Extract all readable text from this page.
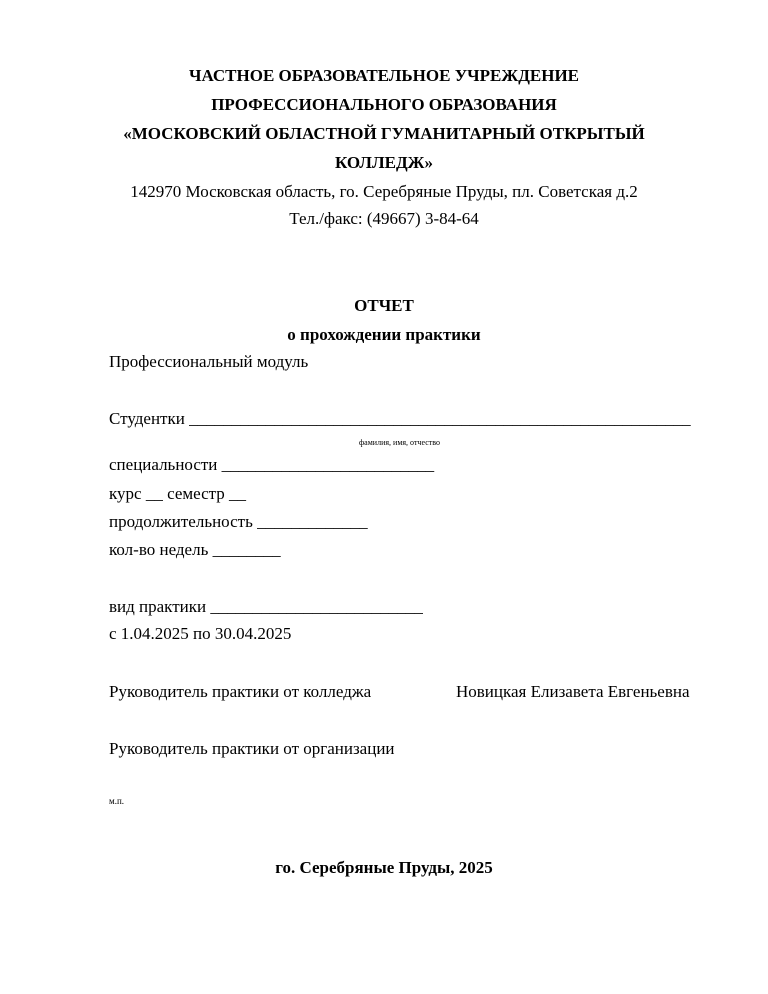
ЧАСТНОЕ ОБРАЗОВАТЕЛЬНОЕ УЧРЕЖДЕНИЕ
ПРОФЕССИОНАЛЬНОГО ОБРАЗОВАНИЯ
«МОСКОВСКИЙ ОБЛАСТНОЙ ГУМАНИТАРНЫЙ ОТКРЫТЫЙ
КОЛЛЕДЖ»
142970 Московская область, го. Серебряные Пруды, пл. Советская д.2
Тел./факс: (49667) 3-84-64
ОТЧЕТ
о прохождении практики
Профессиональный модуль
Студентки ___________________________________________________________
фамилия, имя, отчество
специальности _________________________
курс __ семестр __
продолжительность _____________
кол-во недель ________
вид практики _________________________
с 1.04.2025 по 30.04.2025
Руководитель практики от колледжа	Новицкая Елизавета Евгеньевна
Руководитель практики от организации
м.п.
го. Серебряные Пруды, 2025
